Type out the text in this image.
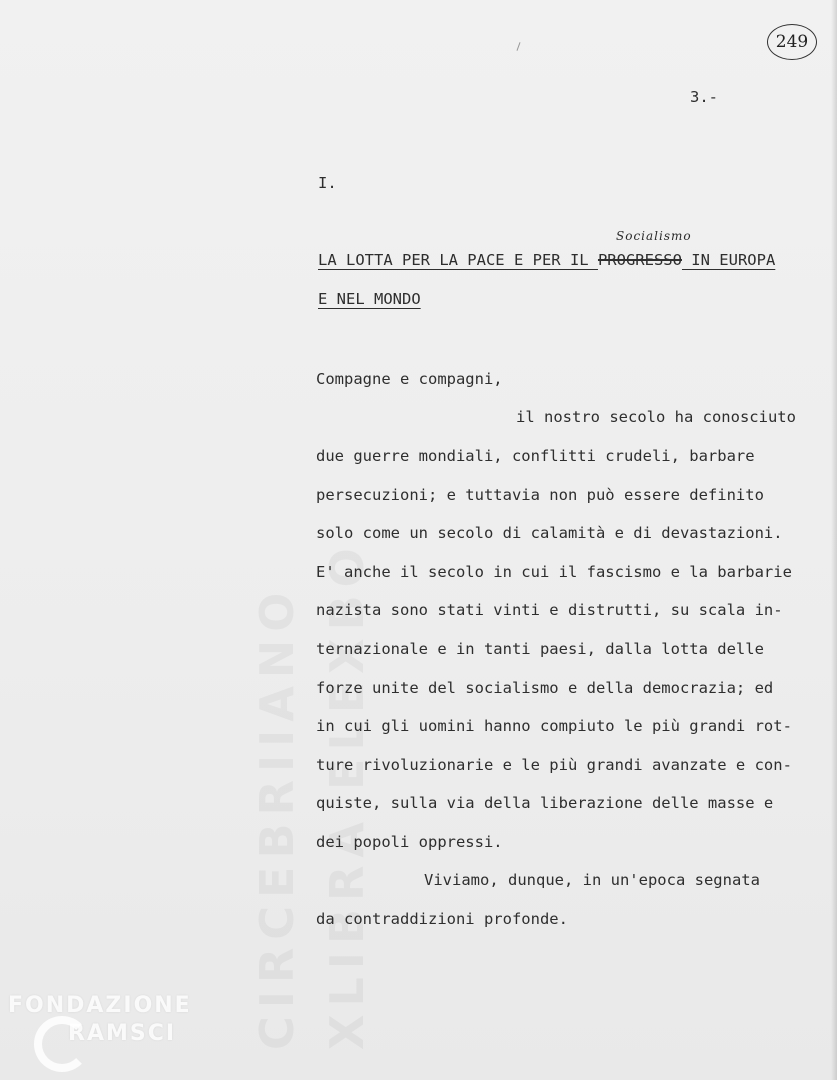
CIRCEBRIIANO XLIBRA ELEXBO
249
3.-
I.
Socialismo
LA LOTTA PER LA PACE E PER IL PROGRESSO IN EUROPA
E NEL MONDO
Compagne e compagni,
il nostro secolo ha conosciuto
due guerre mondiali, conflitti crudeli, barbare
persecuzioni; e tuttavia non può essere definito
solo come un secolo di calamità e di devastazioni.
E' anche il secolo in cui il fascismo e la barbarie
nazista sono stati vinti e distrutti, su scala in-
ternazionale e in tanti paesi, dalla lotta delle
forze unite del socialismo e della democrazia; ed
in cui gli uomini hanno compiuto le più grandi rot-
ture rivoluzionarie e le più grandi avanzate e con-
quiste, sulla via della liberazione delle masse e
dei popoli oppressi.
Viviamo, dunque, in un'epoca segnata
da contraddizioni profonde.
FONDAZIONE
RAMSCI
